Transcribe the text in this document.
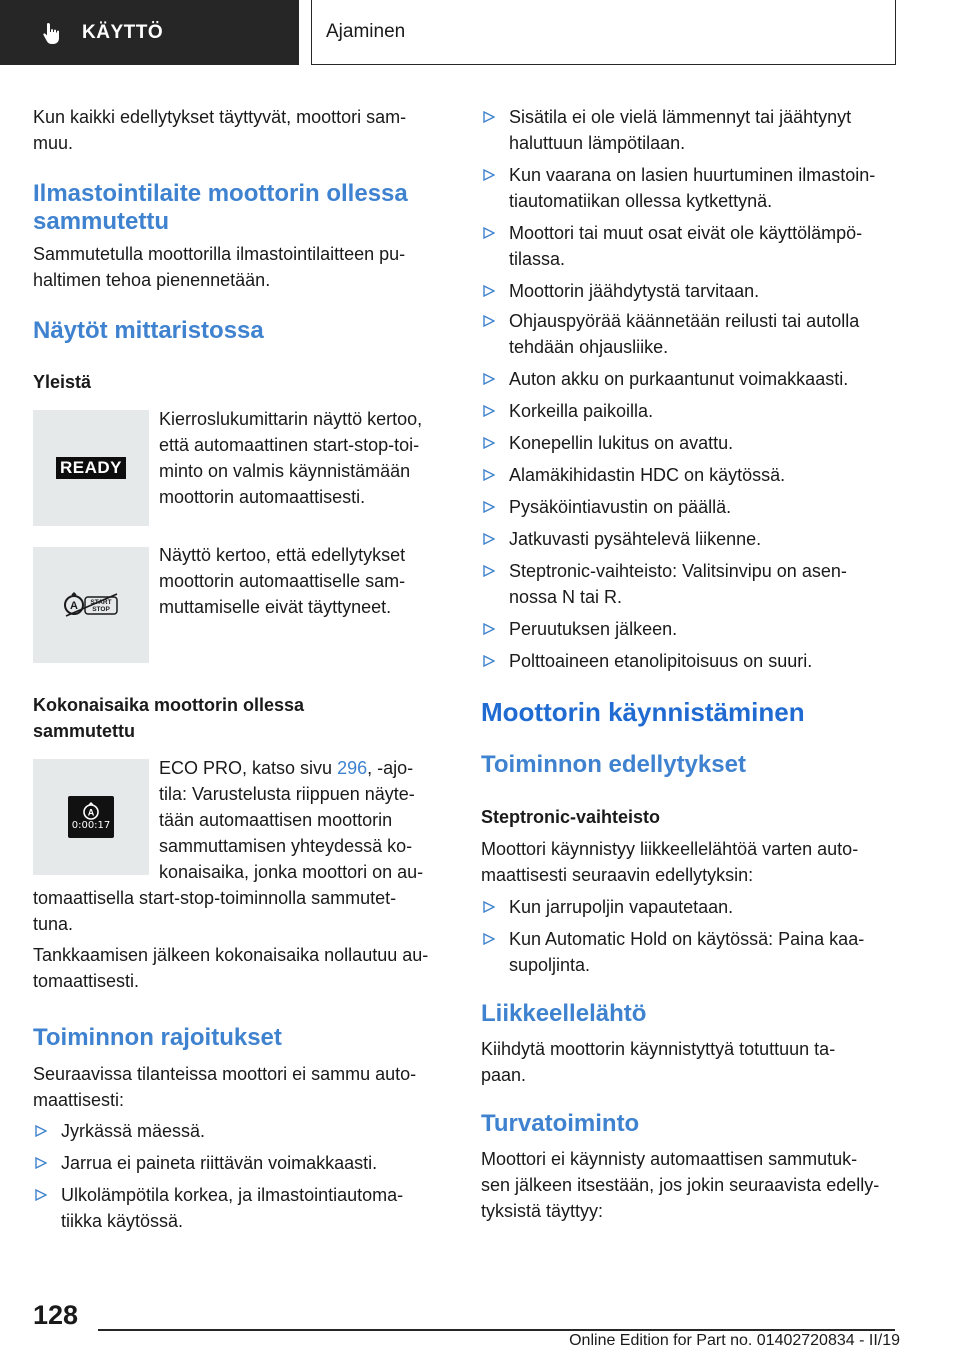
KÄYTTÖ	Ajaminen
Kun kaikki edellytykset täyttyvät, moottori sam-
muu.
Ilmastointilaite moottorin ollessa
sammutettu
Sammutetulla moottorilla ilmastointilaitteen pu-
haltimen tehoa pienennetään.
Näytöt mittaristossa
Yleistä
READY
Kierroslukumittarin näyttö kertoo,
että automaattinen start-stop-toi-
minto on valmis käynnistämään
moottorin automaattisesti.
A START
STOP
Näyttö kertoo, että edellytykset
moottorin automaattiselle sam-
muttamiselle eivät täyttyneet.
Kokonaisaika moottorin ollessa
sammutettu
A
0:00:17
ECO PRO, katso sivu 296, -ajo-
tila: Varustelusta riippuen näyte-
tään automaattisen moottorin
sammuttamisen yhteydessä ko-
konaisaika, jonka moottori on au-
tomaattisella start-stop-toiminnolla sammutet-
tuna.
Tankkaamisen jälkeen kokonaisaika nollautuu au-
tomaattisesti.
Toiminnon rajoitukset
Seuraavissa tilanteissa moottori ei sammu auto-
maattisesti:
Jyrkässä mäessä.
Jarrua ei paineta riittävän voimakkaasti.
Ulkolämpötila korkea, ja ilmastointiautoma-
tiikka käytössä.
Sisätila ei ole vielä lämmennyt tai jäähtynyt
haluttuun lämpötilaan.
Kun vaarana on lasien huurtuminen ilmastoin-
tiautomatiikan ollessa kytkettynä.
Moottori tai muut osat eivät ole käyttölämpö-
tilassa.
Moottorin jäähdytystä tarvitaan.
Ohjauspyörää käännetään reilusti tai autolla
tehdään ohjausliike.
Auton akku on purkaantunut voimakkaasti.
Korkeilla paikoilla.
Konepellin lukitus on avattu.
Alamäkihidastin HDC on käytössä.
Pysäköintiavustin on päällä.
Jatkuvasti pysähtelevä liikenne.
Steptronic-vaihteisto: Valitsinvipu on asen-
nossa N tai R.
Peruutuksen jälkeen.
Polttoaineen etanolipitoisuus on suuri.
Moottorin käynnistäminen
Toiminnon edellytykset
Steptronic-vaihteisto
Moottori käynnistyy liikkeellelähtöä varten auto-
maattisesti seuraavin edellytyksin:
Kun jarrupoljin vapautetaan.
Kun Automatic Hold on käytössä: Paina kaa-
supoljinta.
Liikkeellelähtö
Kiihdytä moottorin käynnistyttyä totuttuun ta-
paan.
Turvatoiminto
Moottori ei käynnisty automaattisen sammutuk-
sen jälkeen itsestään, jos jokin seuraavista edelly-
tyksistä täyttyy:
128
Online Edition for Part no. 01402720834 - II/19
